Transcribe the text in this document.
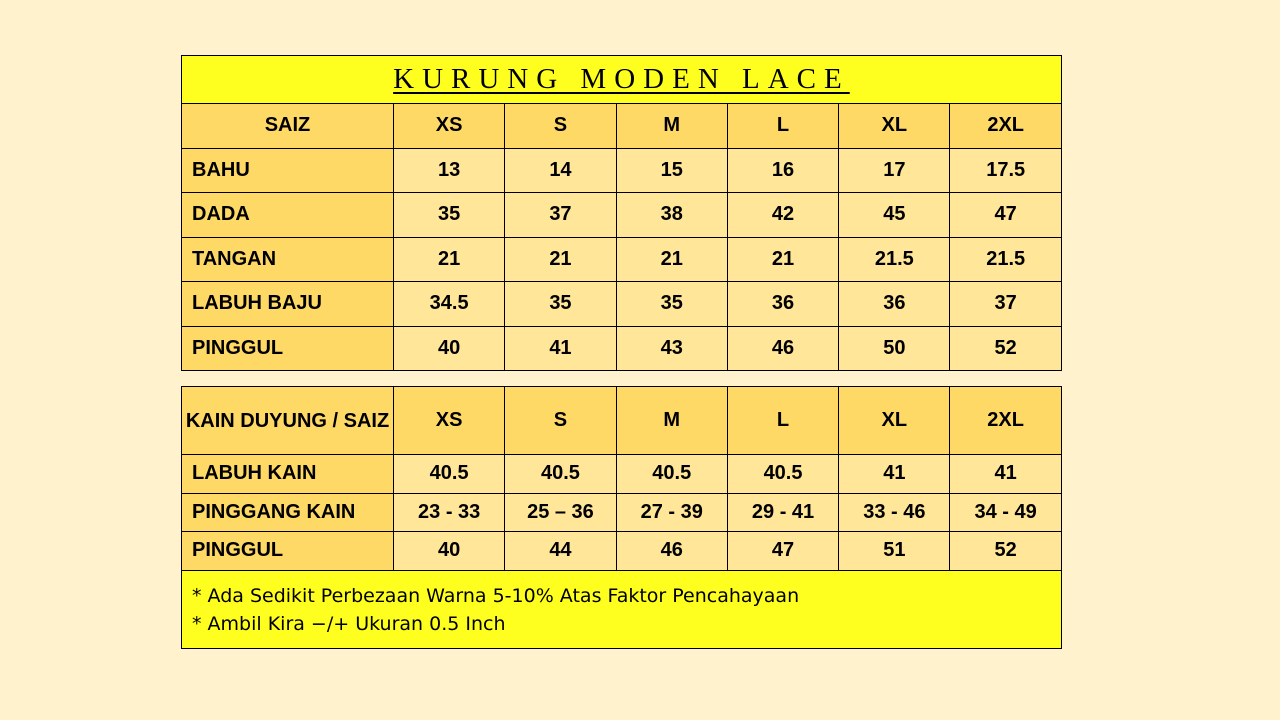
KURUNG MODEN LACE						
SAIZ	XS	S	M	L	XL	2XL
BAHU	13	14	15	16	17	17.5
DADA	35	37	38	42	45	47
TANGAN	21	21	21	21	21.5	21.5
LABUH BAJU	34.5	35	35	36	36	37
PINGGUL	40	41	43	46	50	52
KAIN DUYUNG / SAIZ	XS	S	M	L	XL	2XL
LABUH KAIN	40.5	40.5	40.5	40.5	41	41
PINGGANG KAIN	23 - 33	25 – 36	27 - 39	29 - 41	33 - 46	34 - 49
PINGGUL	40	44	46	47	51	52

* Ada Sedikit Perbezaan Warna 5-10% Atas Faktor Pencahayaan
* Ambil Kira −/+ Ukuran 0.5 Inch						
